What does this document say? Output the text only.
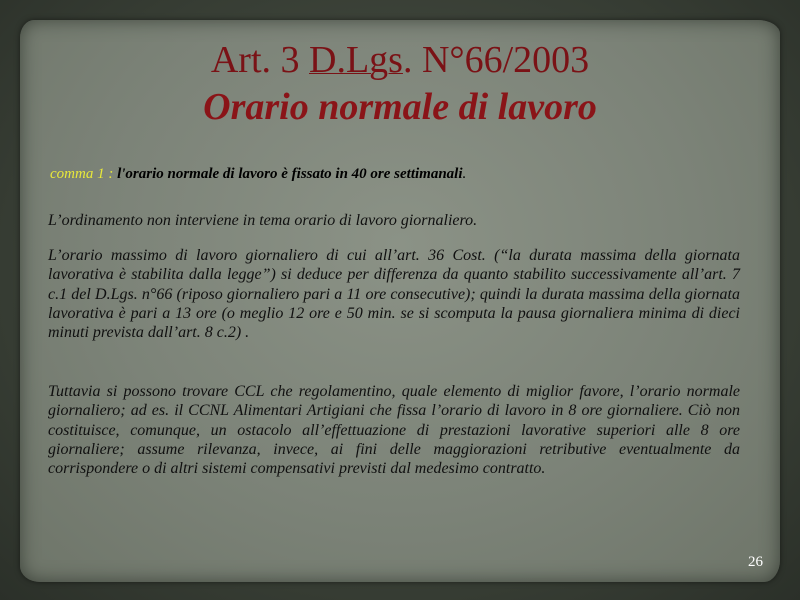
Art. 3 D.Lgs. N°66/2003
Orario normale di lavoro
comma 1 : l'orario normale di lavoro è fissato in 40 ore settimanali.
L’ordinamento non interviene in tema orario di lavoro giornaliero.
L’orario massimo di lavoro giornaliero di cui all’art. 36 Cost. (“la durata massima della giornata lavorativa è stabilita dalla legge”) si deduce per differenza da quanto stabilito successivamente all’art. 7 c.1 del D.Lgs. n°66 (riposo giornaliero pari a 11 ore consecutive); quindi la durata massima della giornata lavorativa è pari a 13 ore (o meglio 12 ore e 50 min. se si scomputa la pausa giornaliera minima di dieci minuti prevista dall’art. 8 c.2) .
Tuttavia si possono trovare CCL che regolamentino, quale elemento di miglior favore, l’orario normale giornaliero; ad es. il CCNL Alimentari Artigiani che fissa l’orario di lavoro in 8 ore giornaliere. Ciò non costituisce, comunque, un ostacolo all’effettuazione di prestazioni lavorative superiori alle 8 ore giornaliere; assume rilevanza, invece, ai fini delle maggiorazioni retributive eventualmente da corrispondere o di altri sistemi compensativi previsti dal medesimo contratto.
26
